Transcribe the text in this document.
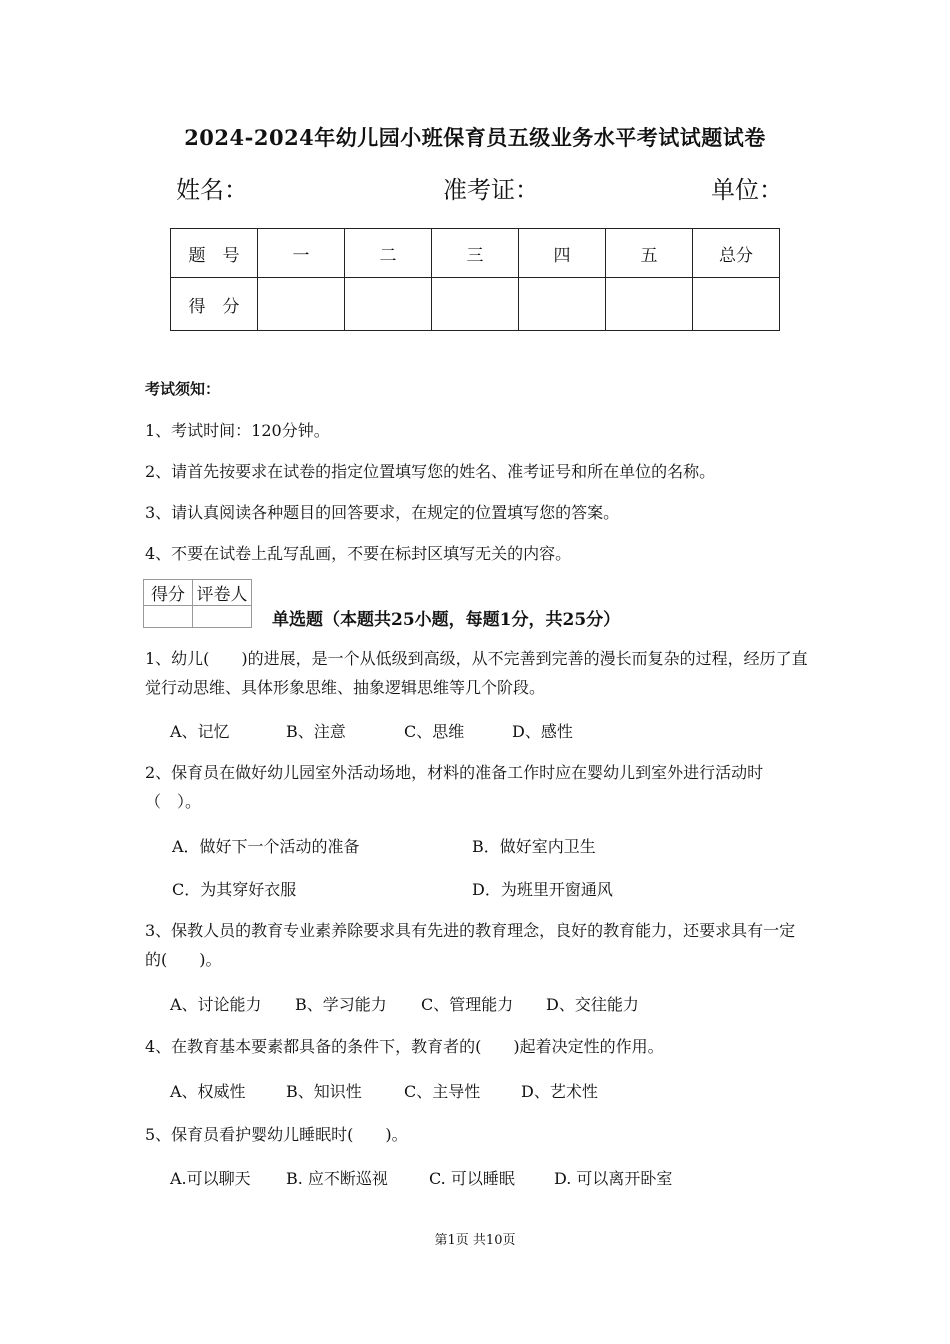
2024-2024年幼儿园小班保育员五级业务水平考试试题试卷
姓名：	准考证：	单位：
题　号	一	二	三	四	五	总分
得　分						
考试须知：
1、考试时间：120分钟。
2、请首先按要求在试卷的指定位置填写您的姓名、准考证号和所在单位的名称。
3、请认真阅读各种题目的回答要求，在规定的位置填写您的答案。
4、不要在试卷上乱写乱画，不要在标封区填写无关的内容。
得分	评卷人

单选题（本题共25小题，每题1分，共25分）
1、幼儿(　　)的进展，是一个从低级到高级，从不完善到完善的漫长而复杂的过程，经历了直觉行动思维、具体形象思维、抽象逻辑思维等几个阶段。
A、记忆	B、注意	C、思维	D、感性
2、保育员在做好幼儿园室外活动场地，材料的准备工作时应在婴幼儿到室外进行活动时（　）。
A．做好下一个活动的准备	B．做好室内卫生
C．为其穿好衣服	D．为班里开窗通风
3、保教人员的教育专业素养除要求具有先进的教育理念，良好的教育能力，还要求具有一定的(　　)。
A、讨论能力 B、学习能力 C、管理能力 D、交往能力
4、在教育基本要素都具备的条件下，教育者的(　　)起着决定性的作用。
A、权威性	B、知识性	C、主导性	D、艺术性
5、保育员看护婴幼儿睡眠时(　　)。
A.可以聊天 B. 应不断巡视	C. 可以睡眠 D. 可以离开卧室
第1页 共10页
